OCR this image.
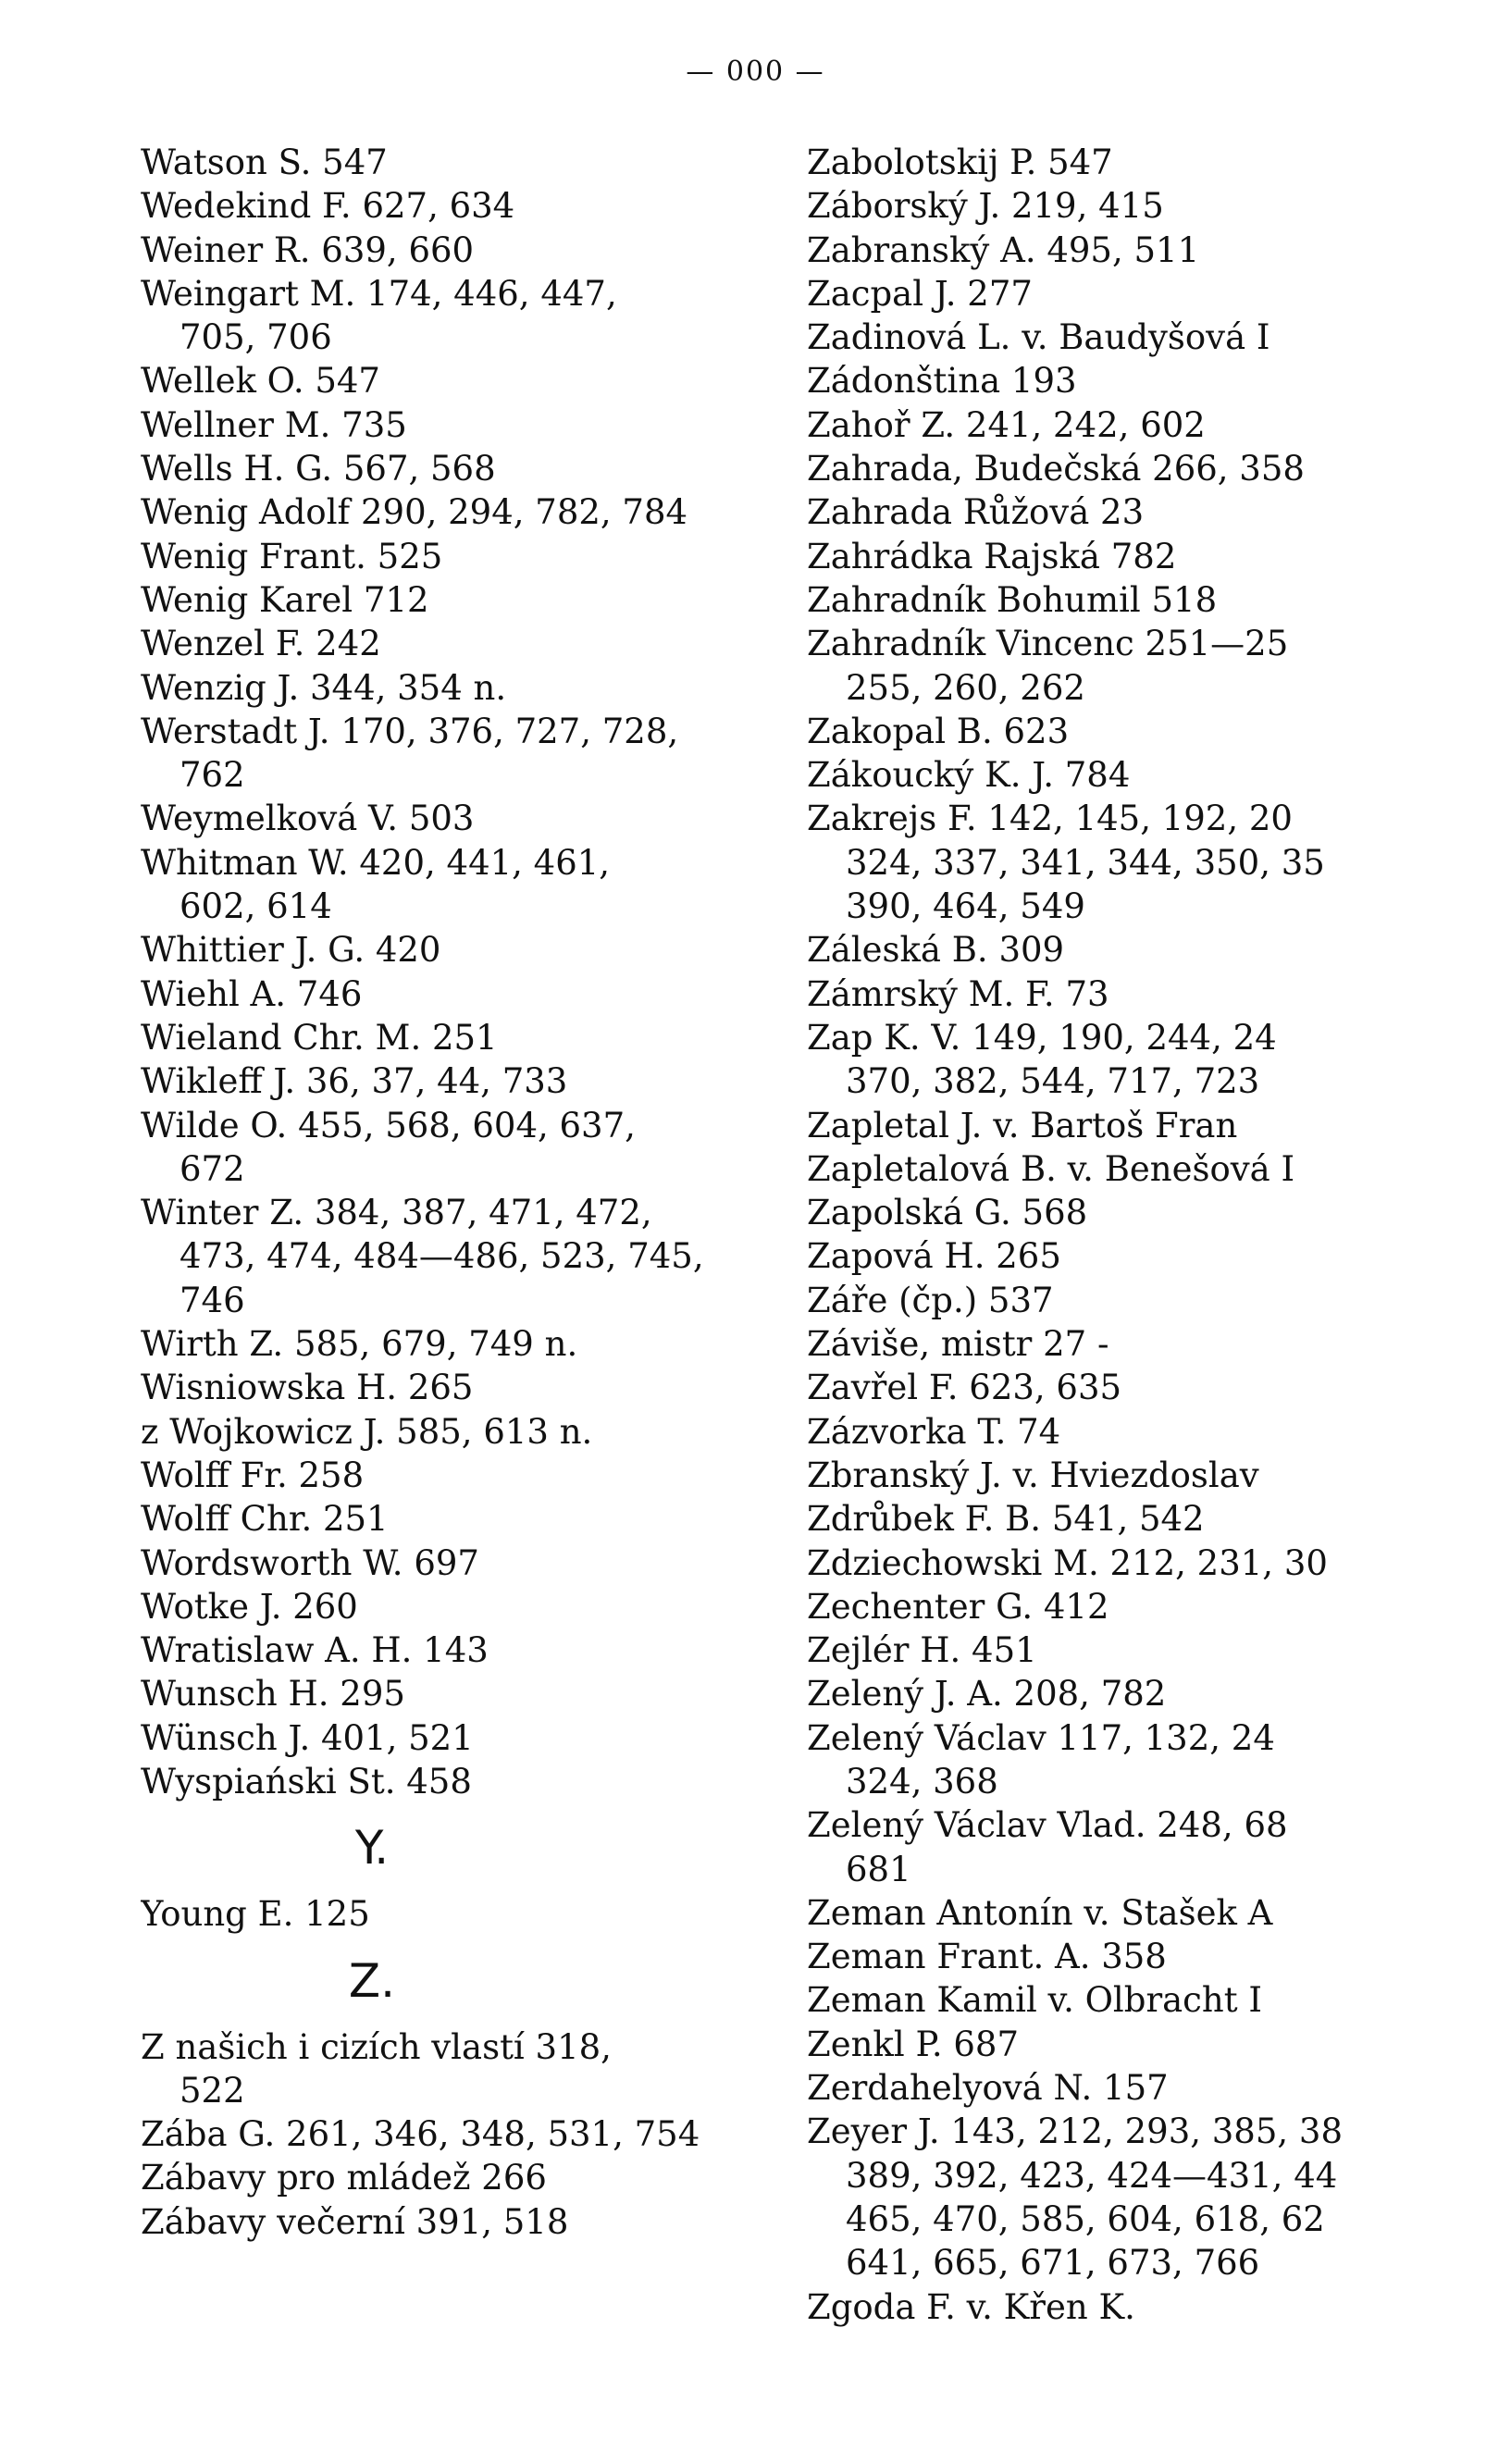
— 000 —
Watson S. 547
Wedekind F. 627, 634
Weiner R. 639, 660
Weingart M. 174, 446, 447,
705, 706
Wellek O. 547
Wellner M. 735
Wells H. G. 567, 568
Wenig Adolf 290, 294, 782, 784
Wenig Frant. 525
Wenig Karel 712
Wenzel F. 242
Wenzig J. 344, 354 n.
Werstadt J. 170, 376, 727, 728,
762
Weymelková V. 503
Whitman W. 420, 441, 461,
602, 614
Whittier J. G. 420
Wiehl A. 746
Wieland Chr. M. 251
Wikleff J. 36, 37, 44, 733
Wilde O. 455, 568, 604, 637,
672
Winter Z. 384, 387, 471, 472,
473, 474, 484—486, 523, 745,
746
Wirth Z. 585, 679, 749 n.
Wisniowska H. 265
z Wojkowicz J. 585, 613 n.
Wolff Fr. 258
Wolff Chr. 251
Wordsworth W. 697
Wotke J. 260
Wratislaw A. H. 143
Wunsch H. 295
Wünsch J. 401, 521
Wyspiański St. 458
Y.
Young E. 125
Z.
Z našich i cizích vlastí 318,
522
Zába G. 261, 346, 348, 531, 754
Zábavy pro mládež 266
Zábavy večerní 391, 518
Zabolotskij P. 547
Záborský J. 219, 415
Zabranský A. 495, 511
Zacpal J. 277
Zadinová L. v. Baudyšová I
Zádonština 193
Zahoř Z. 241, 242, 602
Zahrada, Budečská 266, 358
Zahrada Růžová 23
Zahrádka Rajská 782
Zahradník Bohumil 518
Zahradník Vincenc 251—25
255, 260, 262
Zakopal B. 623
Zákoucký K. J. 784
Zakrejs F. 142, 145, 192, 20
324, 337, 341, 344, 350, 35
390, 464, 549
Záleská B. 309
Zámrský M. F. 73
Zap K. V. 149, 190, 244, 24
370, 382, 544, 717, 723
Zapletal J. v. Bartoš Fran
Zapletalová B. v. Benešová I
Zapolská G. 568
Zapová H. 265
Záře (čp.) 537
Záviše, mistr 27 -
Zavřel F. 623, 635
Zázvorka T. 74
Zbranský J. v. Hviezdoslav
Zdrůbek F. B. 541, 542
Zdziechowski M. 212, 231, 30
Zechenter G. 412
Zejlér H. 451
Zelený J. A. 208, 782
Zelený Václav 117, 132, 24
324, 368
Zelený Václav Vlad. 248, 68
681
Zeman Antonín v. Stašek A
Zeman Frant. A. 358
Zeman Kamil v. Olbracht I
Zenkl P. 687
Zerdahelyová N. 157
Zeyer J. 143, 212, 293, 385, 38
389, 392, 423, 424—431, 44
465, 470, 585, 604, 618, 62
641, 665, 671, 673, 766
Zgoda F. v. Křen K.
